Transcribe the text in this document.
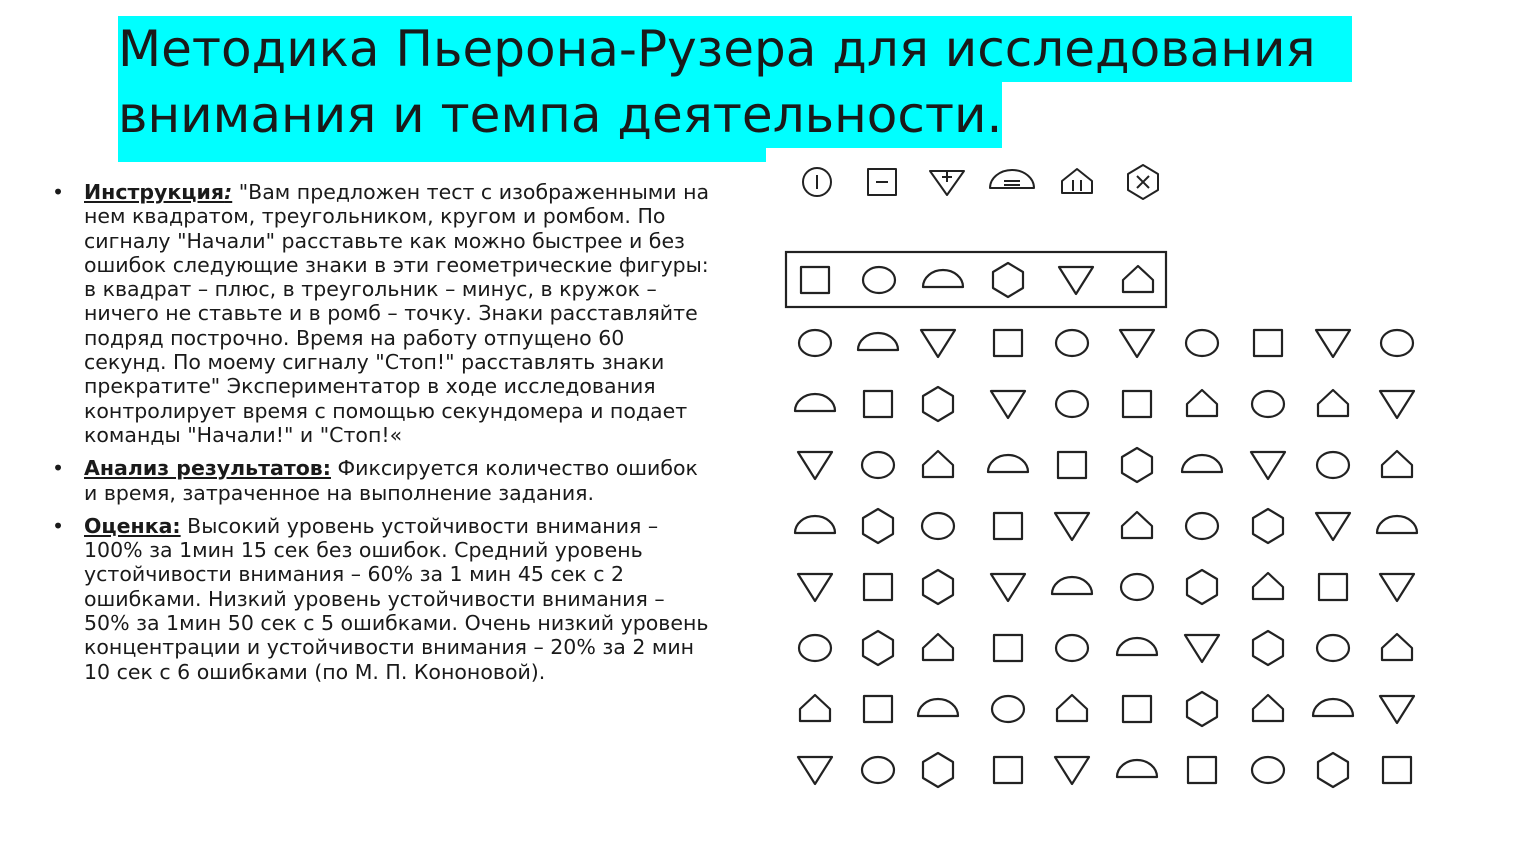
Методика Пьерона-Рузера для исследования
внимания и темпа деятельности.
• Инструкция: "Вам предложен тест с изображенными на нем квадратом, треугольником, кругом и ромбом. По сигналу "Начали" расставьте как можно быстрее и без ошибок следующие знаки в эти геометрические фигуры: в квадрат – плюс, в треугольник – минус, в кружок – ничего не ставьте и в ромб – точку. Знаки расставляйте подряд построчно. Время на работу отпущено 60 секунд. По моему сигналу "Стоп!" расставлять знаки прекратите" Экспериментатор в ходе исследования контролирует время с помощью секундомера и подает команды "Начали!" и "Стоп!«
• Анализ результатов: Фиксируется количество ошибок и время, затраченное на выполнение задания.
• Оценка: Высокий уровень устойчивости внимания – 100% за 1мин 15 сек без ошибок. Средний уровень устойчивости внимания – 60% за 1 мин 45 сек с 2 ошибками. Низкий уровень устойчивости внимания – 50% за 1мин 50 сек с 5 ошибками. Очень низкий уровень концентрации и устойчивости внимания – 20% за 2 мин 10 сек с 6 ошибками (по М. П. Кононовой).
